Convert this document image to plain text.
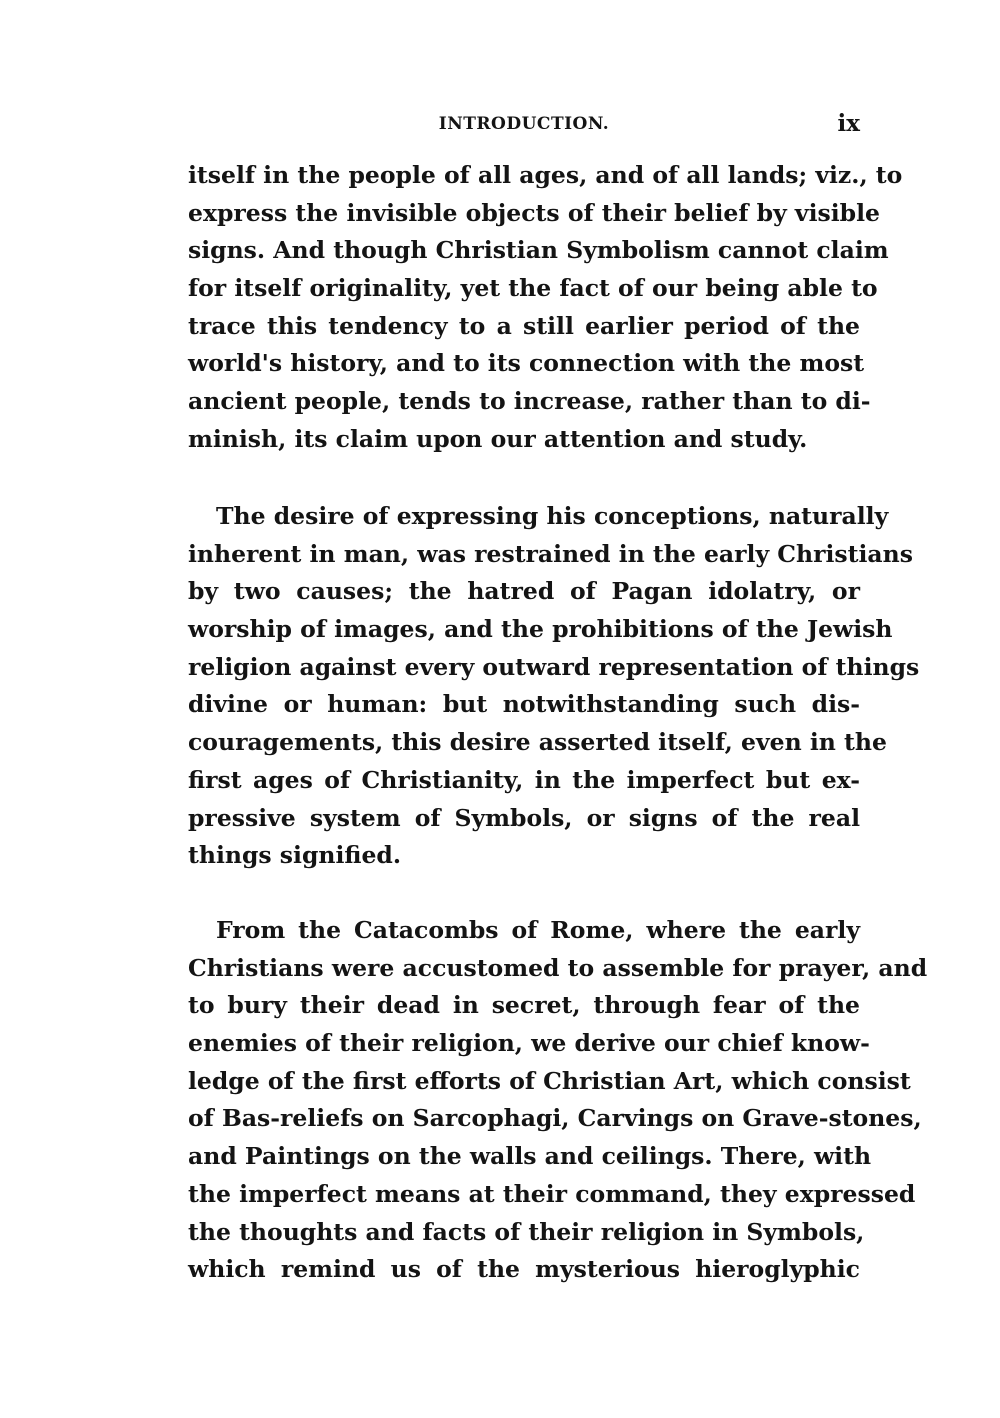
INTRODUCTION.	ix
itself in the people of all ages, and of all lands; viz., to
express the invisible objects of their belief by visible
signs. And though Christian Symbolism cannot claim
for itself originality, yet the fact of our being able to
trace this tendency to a still earlier period of the
world's history, and to its connection with the most
ancient people, tends to increase, rather than to di-
minish, its claim upon our attention and study.
The desire of expressing his conceptions, naturally
inherent in man, was restrained in the early Christians
by two causes; the hatred of Pagan idolatry, or
worship of images, and the prohibitions of the Jewish
religion against every outward representation of things
divine or human: but notwithstanding such dis-
couragements, this desire asserted itself, even in the
first ages of Christianity, in the imperfect but ex-
pressive system of Symbols, or signs of the real
things signified.
From the Catacombs of Rome, where the early
Christians were accustomed to assemble for prayer, and
to bury their dead in secret, through fear of the
enemies of their religion, we derive our chief know-
ledge of the first efforts of Christian Art, which consist
of Bas-reliefs on Sarcophagi, Carvings on Grave-stones,
and Paintings on the walls and ceilings. There, with
the imperfect means at their command, they expressed
the thoughts and facts of their religion in Symbols,
which remind us of the mysterious hieroglyphic
